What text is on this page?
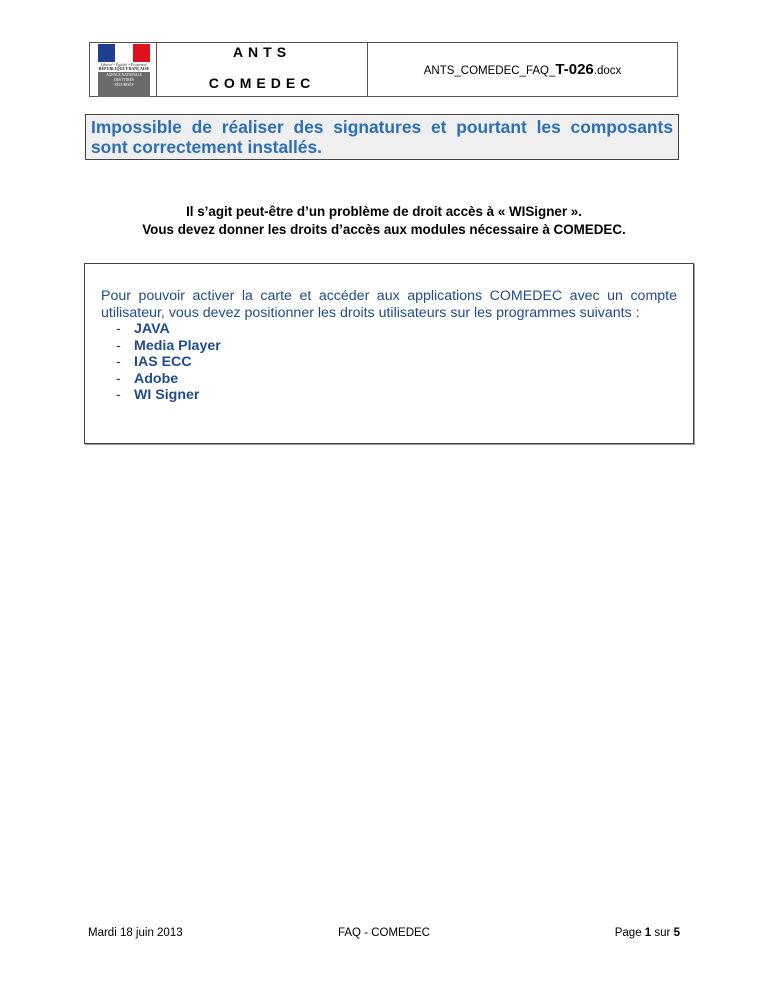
Liberté • Égalité • Fraternité
RÉPUBLIQUE FRANÇAISE
AGENCE NATIONALE
DES TITRES
SÉCURISÉS
ANTS
COMEDEC
ANTS_COMEDEC_FAQ_T-026.docx
Impossible de réaliser des signatures et pourtant les composants sont correctement installés.
Il s’agit peut-être d’un problème de droit accès à « WISigner ».
Vous devez donner les droits d’accès aux modules nécessaire à COMEDEC.
Pour pouvoir activer la carte et accéder aux applications COMEDEC avec un compte utilisateur, vous devez positionner les droits utilisateurs sur les programmes suivants :
- JAVA
- Media Player
- IAS ECC
- Adobe
- WI Signer
Mardi 18 juin 2013	FAQ - COMEDEC	Page 1 sur 5
